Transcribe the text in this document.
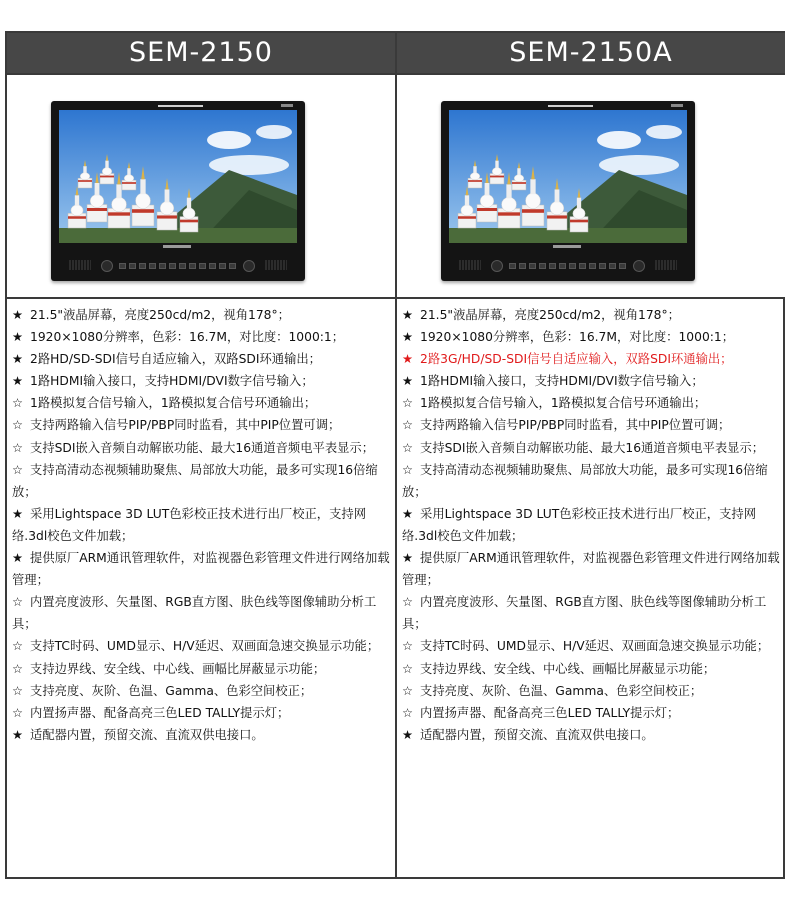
SEM-2150
★ 21.5"液晶屏幕，亮度250cd/m2，视角178°；
★ 1920×1080分辨率，色彩：16.7M，对比度：1000:1；
★ 2路HD/SD-SDI信号自适应输入，双路SDI环通输出；
★ 1路HDMI输入接口，支持HDMI/DVI数字信号输入；
☆ 1路模拟复合信号输入，1路模拟复合信号环通输出；
☆ 支持两路输入信号PIP/PBP同时监看，其中PIP位置可调；
☆ 支持SDI嵌入音频自动解嵌功能、最大16通道音频电平表显示；
☆ 支持高清动态视频辅助聚焦、局部放大功能，最多可实现16倍缩放；
★ 采用Lightspace 3D LUT色彩校正技术进行出厂校正，支持网络.3dl校色文件加载；
★ 提供原厂ARM通讯管理软件，对监视器色彩管理文件进行网络加载管理；
☆ 内置亮度波形、矢量图、RGB直方图、肤色线等图像辅助分析工具；
☆ 支持TC时码、UMD显示、H/V延迟、双画面急速交换显示功能；
☆ 支持边界线、安全线、中心线、画幅比屏蔽显示功能；
☆ 支持亮度、灰阶、色温、Gamma、色彩空间校正；
☆ 内置扬声器、配备高亮三色LED TALLY提示灯；
★ 适配器内置，预留交流、直流双供电接口。
SEM-2150A
★ 21.5"液晶屏幕，亮度250cd/m2，视角178°；
★ 1920×1080分辨率，色彩：16.7M，对比度：1000:1；
★ 2路3G/HD/SD-SDI信号自适应输入，双路SDI环通输出；
★ 1路HDMI输入接口，支持HDMI/DVI数字信号输入；
☆ 1路模拟复合信号输入，1路模拟复合信号环通输出；
☆ 支持两路输入信号PIP/PBP同时监看，其中PIP位置可调；
☆ 支持SDI嵌入音频自动解嵌功能、最大16通道音频电平表显示；
☆ 支持高清动态视频辅助聚焦、局部放大功能，最多可实现16倍缩放；
★ 采用Lightspace 3D LUT色彩校正技术进行出厂校正，支持网络.3dl校色文件加载；
★ 提供原厂ARM通讯管理软件，对监视器色彩管理文件进行网络加载管理；
☆ 内置亮度波形、矢量图、RGB直方图、肤色线等图像辅助分析工具；
☆ 支持TC时码、UMD显示、H/V延迟、双画面急速交换显示功能；
☆ 支持边界线、安全线、中心线、画幅比屏蔽显示功能；
☆ 支持亮度、灰阶、色温、Gamma、色彩空间校正；
☆ 内置扬声器、配备高亮三色LED TALLY提示灯；
★ 适配器内置，预留交流、直流双供电接口。
